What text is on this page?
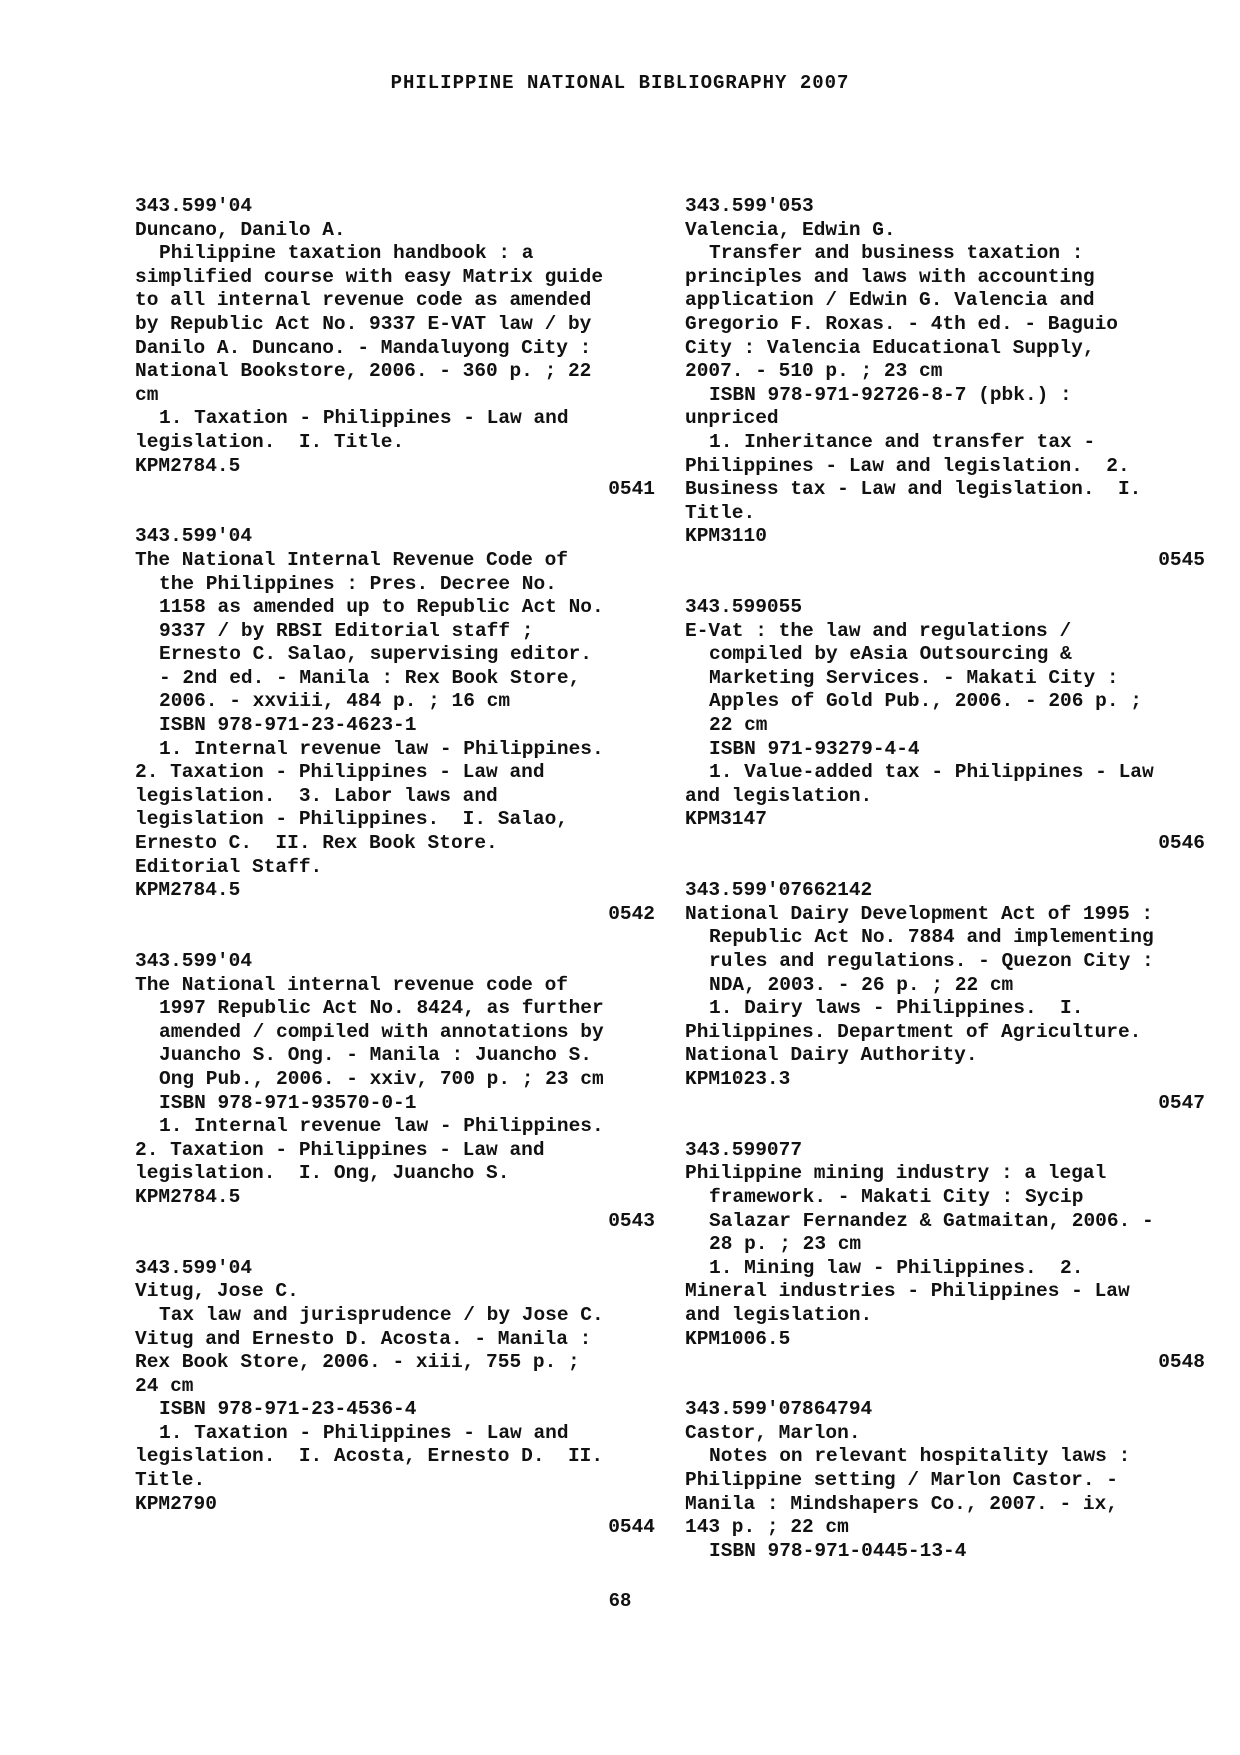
PHILIPPINE NATIONAL BIBLIOGRAPHY 2007
343.599'04
Duncano, Danilo A.
Philippine taxation handbook : a
simplified course with easy Matrix guide
to all internal revenue code as amended
by Republic Act No. 9337 E-VAT law / by
Danilo A. Duncano. - Mandaluyong City :
National Bookstore, 2006. - 360 p. ; 22
cm
1. Taxation - Philippines - Law and
legislation.  I. Title.
KPM2784.5
0541
343.599'04
The National Internal Revenue Code of
the Philippines : Pres. Decree No.
1158 as amended up to Republic Act No.
9337 / by RBSI Editorial staff ;
Ernesto C. Salao, supervising editor.
- 2nd ed. - Manila : Rex Book Store,
2006. - xxviii, 484 p. ; 16 cm
ISBN 978-971-23-4623-1
1. Internal revenue law - Philippines.
2. Taxation - Philippines - Law and
legislation.  3. Labor laws and
legislation - Philippines.  I. Salao,
Ernesto C.  II. Rex Book Store.
Editorial Staff.
KPM2784.5
0542
343.599'04
The National internal revenue code of
1997 Republic Act No. 8424, as further
amended / compiled with annotations by
Juancho S. Ong. - Manila : Juancho S.
Ong Pub., 2006. - xxiv, 700 p. ; 23 cm
ISBN 978-971-93570-0-1
1. Internal revenue law - Philippines.
2. Taxation - Philippines - Law and
legislation.  I. Ong, Juancho S.
KPM2784.5
0543
343.599'04
Vitug, Jose C.
Tax law and jurisprudence / by Jose C.
Vitug and Ernesto D. Acosta. - Manila :
Rex Book Store, 2006. - xiii, 755 p. ;
24 cm
ISBN 978-971-23-4536-4
1. Taxation - Philippines - Law and
legislation.  I. Acosta, Ernesto D.  II.
Title.
KPM2790
0544
343.599'053
Valencia, Edwin G.
Transfer and business taxation :
principles and laws with accounting
application / Edwin G. Valencia and
Gregorio F. Roxas. - 4th ed. - Baguio
City : Valencia Educational Supply,
2007. - 510 p. ; 23 cm
ISBN 978-971-92726-8-7 (pbk.) :
unpriced
1. Inheritance and transfer tax -
Philippines - Law and legislation.  2.
Business tax - Law and legislation.  I.
Title.
KPM3110
0545
343.599055
E-Vat : the law and regulations /
compiled by eAsia Outsourcing &
Marketing Services. - Makati City :
Apples of Gold Pub., 2006. - 206 p. ;
22 cm
ISBN 971-93279-4-4
1. Value-added tax - Philippines - Law
and legislation.
KPM3147
0546
343.599'07662142
National Dairy Development Act of 1995 :
Republic Act No. 7884 and implementing
rules and regulations. - Quezon City :
NDA, 2003. - 26 p. ; 22 cm
1. Dairy laws - Philippines.  I.
Philippines. Department of Agriculture.
National Dairy Authority.
KPM1023.3
0547
343.599077
Philippine mining industry : a legal
framework. - Makati City : Sycip
Salazar Fernandez & Gatmaitan, 2006. -
28 p. ; 23 cm
1. Mining law - Philippines.  2.
Mineral industries - Philippines - Law
and legislation.
KPM1006.5
0548
343.599'07864794
Castor, Marlon.
Notes on relevant hospitality laws :
Philippine setting / Marlon Castor. -
Manila : Mindshapers Co., 2007. - ix,
143 p. ; 22 cm
ISBN 978-971-0445-13-4
68
